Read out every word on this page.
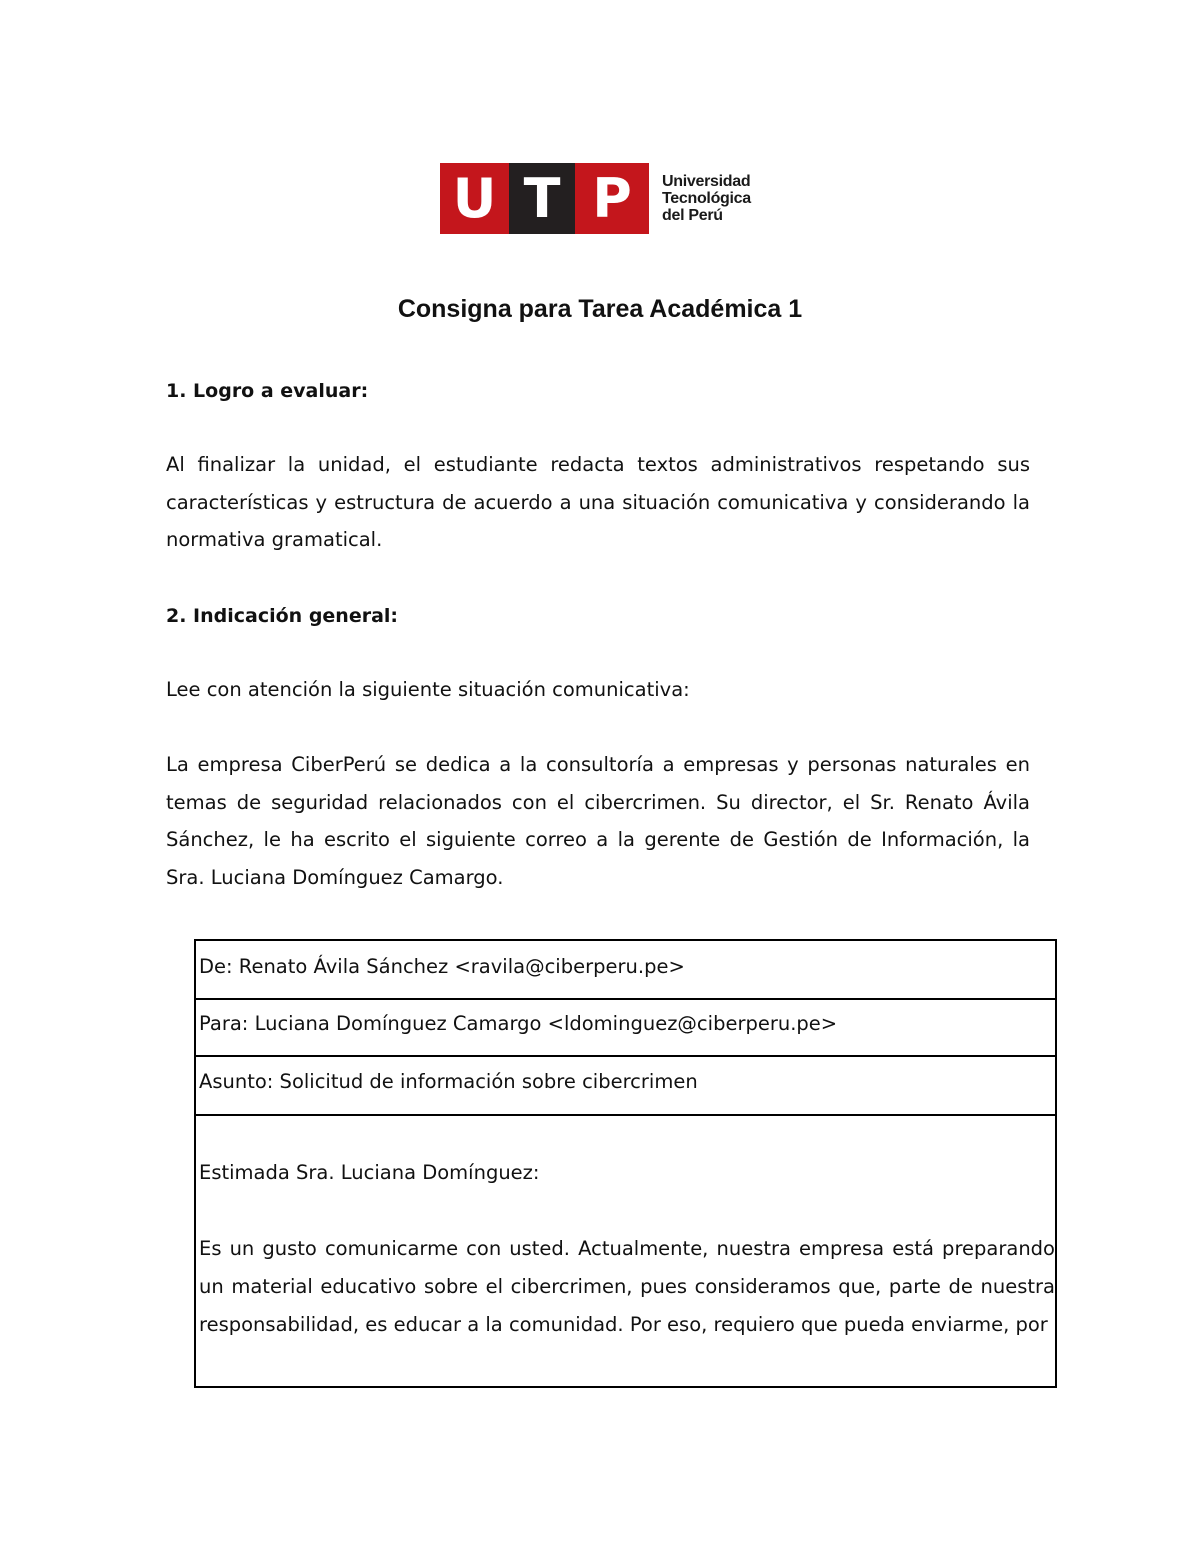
U T P	Universidad
Tecnológica
del Perú
Consigna para Tarea Académica 1
1. Logro a evaluar:
Al finalizar la unidad, el estudiante redacta textos administrativos respetando sus características y estructura de acuerdo a una situación comunicativa y considerando la normativa gramatical.
2. Indicación general:
Lee con atención la siguiente situación comunicativa:
La empresa CiberPerú se dedica a la consultoría a empresas y personas naturales en temas de seguridad relacionados con el cibercrimen. Su director, el Sr. Renato Ávila Sánchez, le ha escrito el siguiente correo a la gerente de Gestión de Información, la Sra. Luciana Domínguez Camargo.
De: Renato Ávila Sánchez <ravila@ciberperu.pe>
Para: Luciana Domínguez Camargo <ldominguez@ciberperu.pe>
Asunto: Solicitud de información sobre cibercrimen
Estimada Sra. Luciana Domínguez:
Es un gusto comunicarme con usted. Actualmente, nuestra empresa está preparando un material educativo sobre el cibercrimen, pues consideramos que, parte de nuestra responsabilidad, es educar a la comunidad. Por eso, requiero que pueda enviarme, por
